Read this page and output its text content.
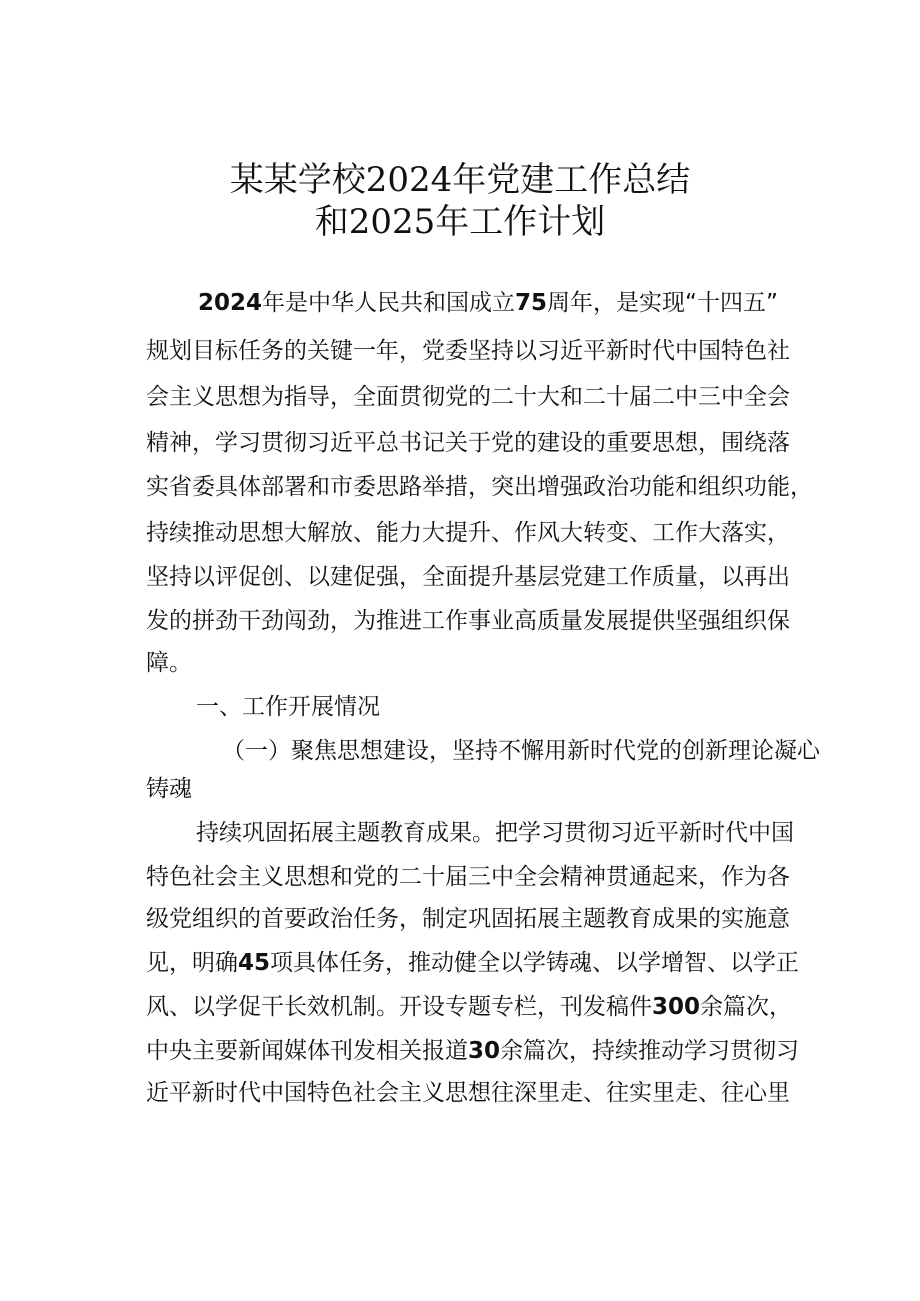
某某学校2024年党建工作总结
和2025年工作计划
2024年是中华人民共和国成立75周年，是实现“十四五”
规划目标任务的关键一年，党委坚持以习近平新时代中国特色社
会主义思想为指导，全面贯彻党的二十大和二十届二中三中全会
精神，学习贯彻习近平总书记关于党的建设的重要思想，围绕落
实省委具体部署和市委思路举措，突出增强政治功能和组织功能，
持续推动思想大解放、能力大提升、作风大转变、工作大落实，
坚持以评促创、以建促强，全面提升基层党建工作质量，以再出
发的拼劲干劲闯劲，为推进工作事业高质量发展提供坚强组织保
障。
一、工作开展情况
（一）聚焦思想建设，坚持不懈用新时代党的创新理论凝心
铸魂
持续巩固拓展主题教育成果。把学习贯彻习近平新时代中国
特色社会主义思想和党的二十届三中全会精神贯通起来，作为各
级党组织的首要政治任务，制定巩固拓展主题教育成果的实施意
见，明确45项具体任务，推动健全以学铸魂、以学增智、以学正
风、以学促干长效机制。开设专题专栏，刊发稿件300余篇次，
中央主要新闻媒体刊发相关报道30余篇次，持续推动学习贯彻习
近平新时代中国特色社会主义思想往深里走、往实里走、往心里
